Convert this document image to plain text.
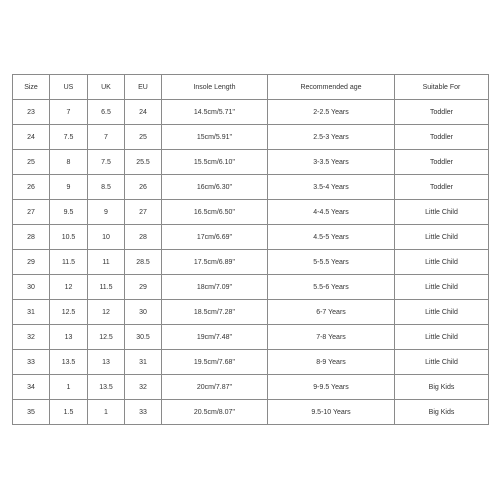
Size	US	UK	EU	Insole Length	Recommended age	Suitable For
23	7	6.5	24	14.5cm/5.71''	2-2.5 Years	Toddler
24	7.5	7	25	15cm/5.91''	2.5-3 Years	Toddler
25	8	7.5	25.5	15.5cm/6.10''	3-3.5 Years	Toddler
26	9	8.5	26	16cm/6.30''	3.5-4 Years	Toddler
27	9.5	9	27	16.5cm/6.50''	4-4.5 Years	Little Child
28	10.5	10	28	17cm/6.69''	4.5-5 Years	Little Child
29	11.5	11	28.5	17.5cm/6.89''	5-5.5 Years	Little Child
30	12	11.5	29	18cm/7.09''	5.5-6 Years	Little Child
31	12.5	12	30	18.5cm/7.28''	6-7 Years	Little Child
32	13	12.5	30.5	19cm/7.48''	7-8 Years	Little Child
33	13.5	13	31	19.5cm/7.68''	8-9 Years	Little Child
34	1	13.5	32	20cm/7.87''	9-9.5 Years	Big Kids
35	1.5	1	33	20.5cm/8.07''	9.5-10 Years	Big Kids
